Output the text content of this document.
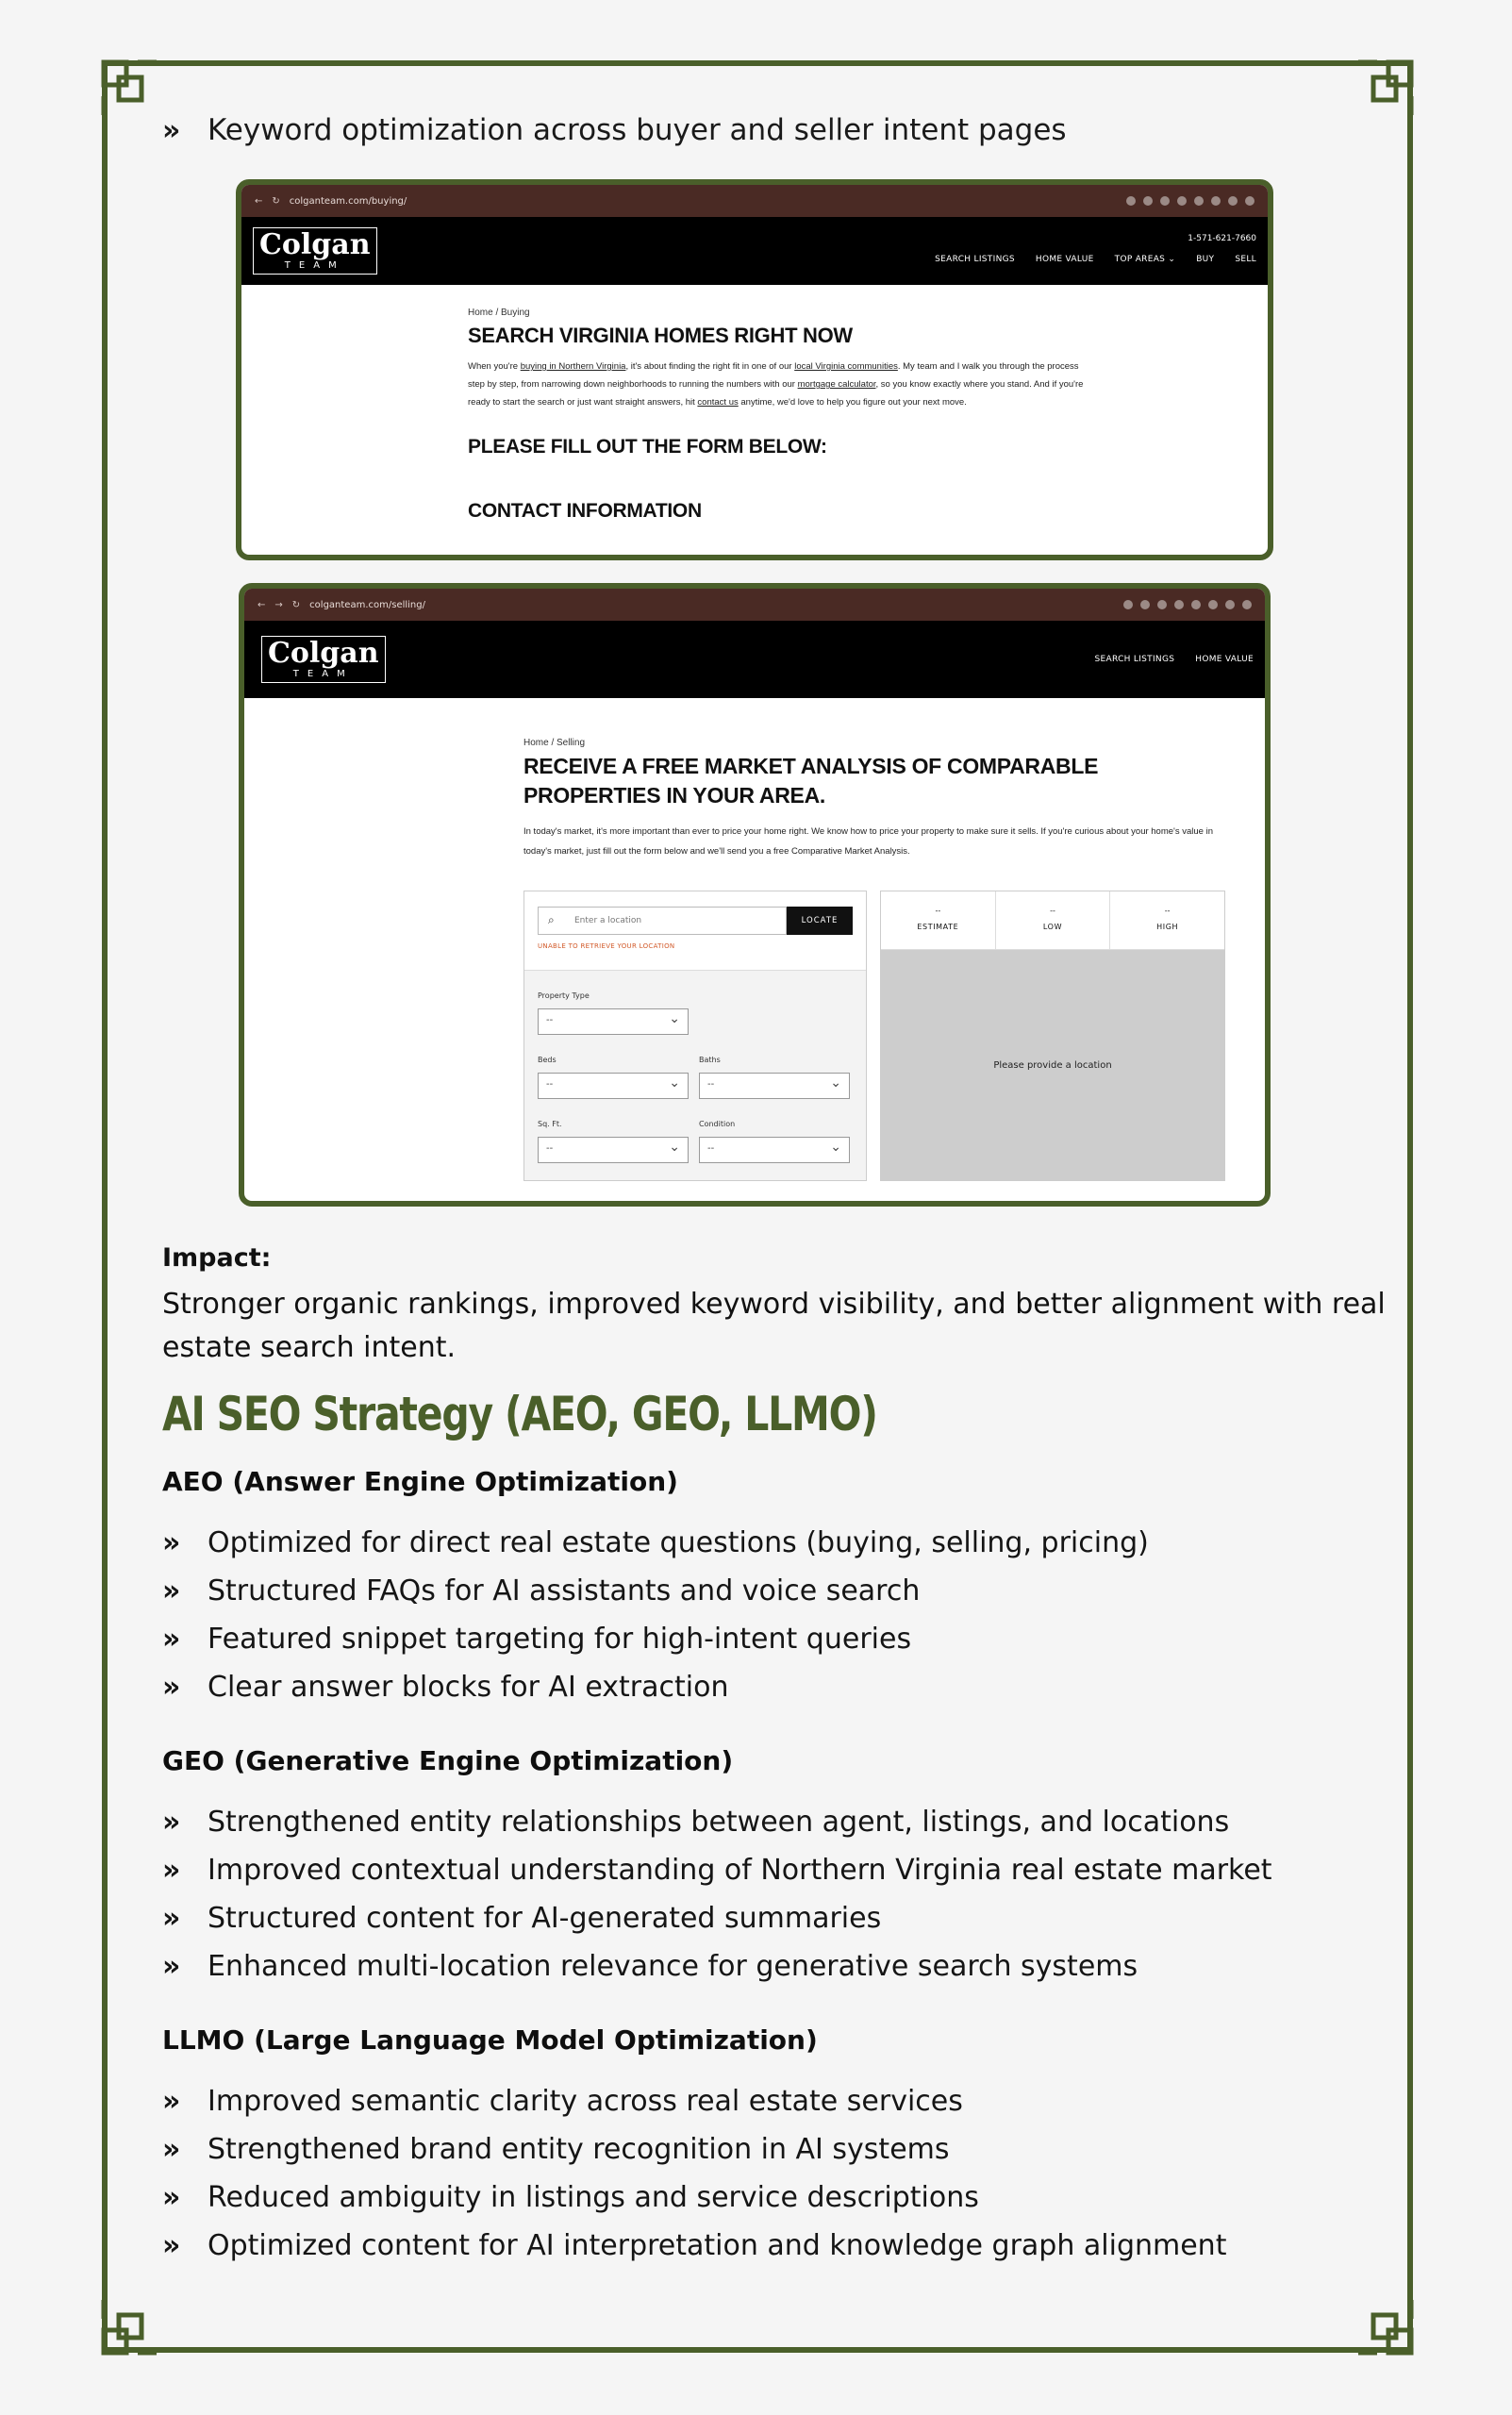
»	Keyword optimization across buyer and seller intent pages
← ↻ colganteam.com/buying/
Colgan
TEAM
1-571-621-7660
SEARCH LISTINGS HOME VALUE TOP AREAS ⌄ BUY SELL
Home / Buying
SEARCH VIRGINIA HOMES RIGHT NOW
When you're buying in Northern Virginia, it's about finding the right fit in one of our local Virginia communities. My team and I walk you through the process step by step, from narrowing down neighborhoods to running the numbers with our mortgage calculator, so you know exactly where you stand. And if you're ready to start the search or just want straight answers, hit contact us anytime, we'd love to help you figure out your next move.
PLEASE FILL OUT THE FORM BELOW:
CONTACT INFORMATION
← → ↻ colganteam.com/selling/
Colgan
TEAM
SEARCH LISTINGS HOME VALUE
Home / Selling
RECEIVE A FREE MARKET ANALYSIS OF COMPARABLE
PROPERTIES IN YOUR AREA.
In today's market, it's more important than ever to price your home right. We know how to price your property to make sure it sells. If you're curious about your home's value in today's market, just fill out the form below and we'll send you a free Comparative Market Analysis.
⌕ Enter a location	LOCATE
UNABLE TO RETRIEVE YOUR LOCATION
Property Type
-- ⌄
Beds
-- ⌄
Baths
-- ⌄
Sq. Ft.
-- ⌄
Condition
-- ⌄
--
ESTIMATE
--
LOW
--
HIGH
Please provide a location
Impact:
Stronger organic rankings, improved keyword visibility, and better alignment with real estate search intent.
AI SEO Strategy (AEO, GEO, LLMO)
AEO (Answer Engine Optimization)
»	Optimized for direct real estate questions (buying, selling, pricing)
»	Structured FAQs for AI assistants and voice search
»	Featured snippet targeting for high-intent queries
»	Clear answer blocks for AI extraction
GEO (Generative Engine Optimization)
»	Strengthened entity relationships between agent, listings, and locations
»	Improved contextual understanding of Northern Virginia real estate market
»	Structured content for AI-generated summaries
»	Enhanced multi-location relevance for generative search systems
LLMO (Large Language Model Optimization)
»	Improved semantic clarity across real estate services
»	Strengthened brand entity recognition in AI systems
»	Reduced ambiguity in listings and service descriptions
»	Optimized content for AI interpretation and knowledge graph alignment
